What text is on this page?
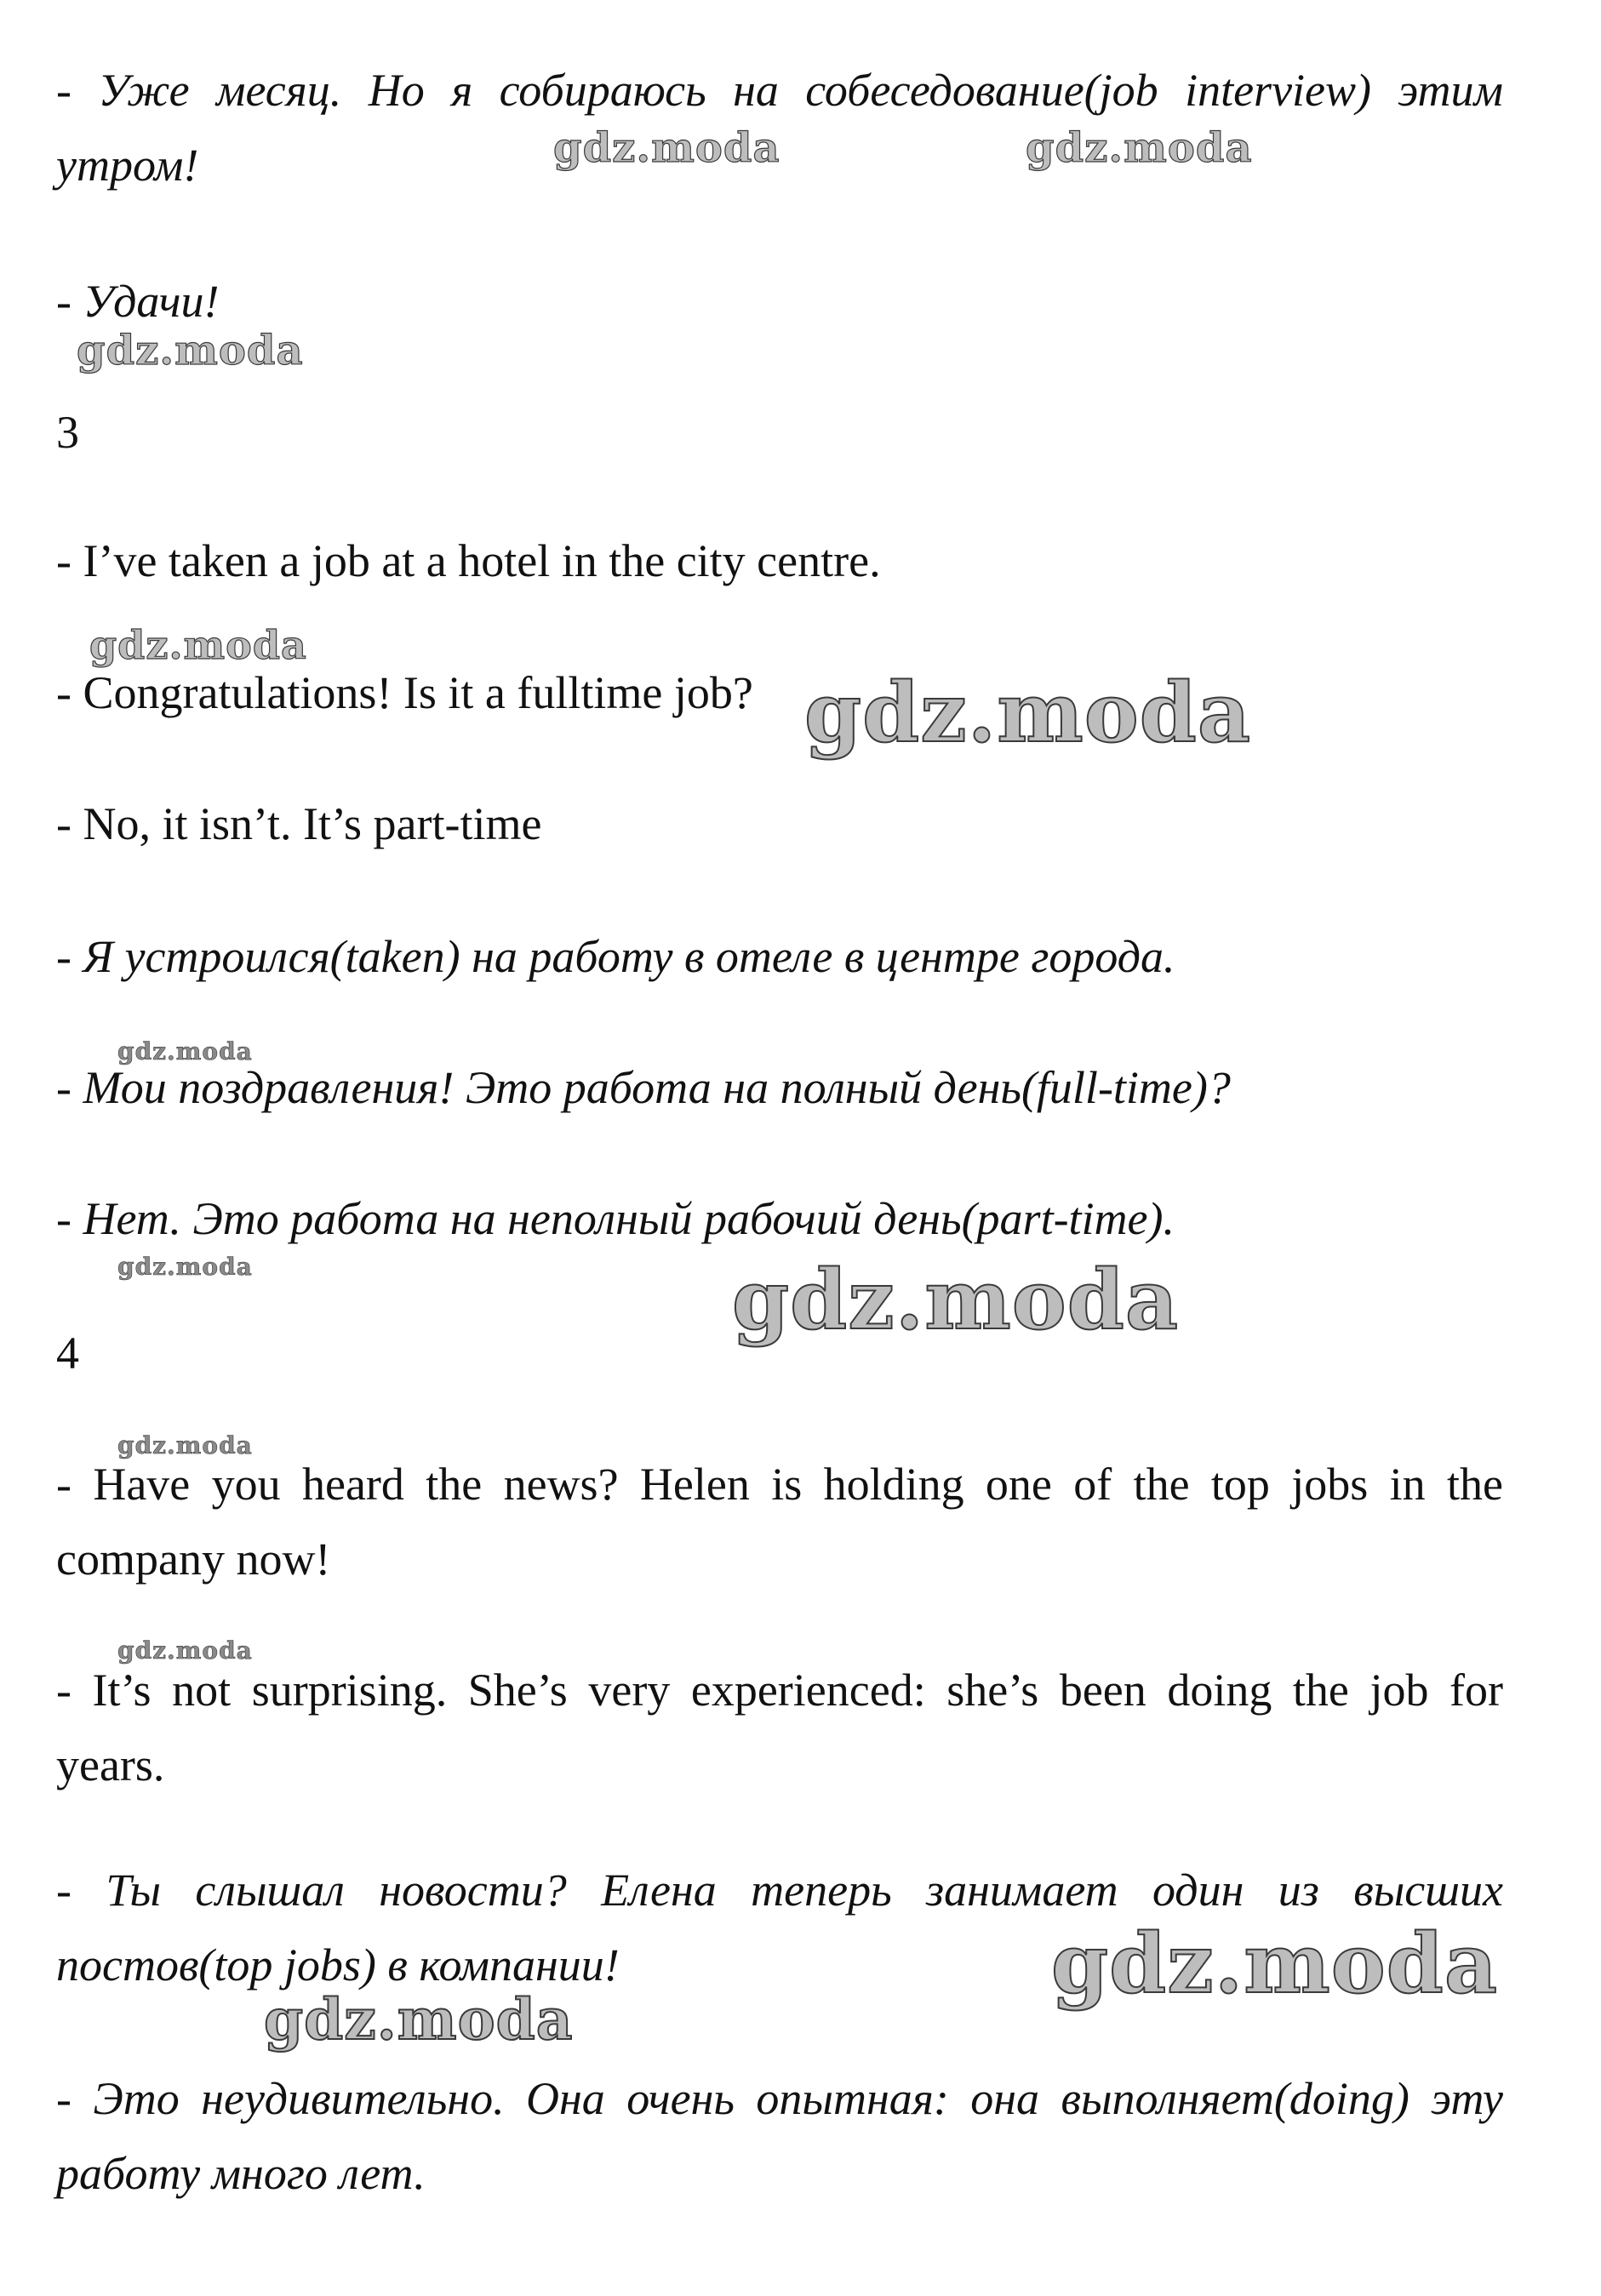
- Уже месяц. Но я собираюсь на собеседование(job interview) этим утром!

- Удачи!

3

- I’ve taken a job at a hotel in the city centre.

- Congratulations! Is it a fulltime job?

- No, it isn’t. It’s part-time

- Я устроился(taken) на работу в отеле в центре города.

- Мои поздравления! Это работа на полный день(full-time)?

- Нет. Это работа на неполный рабочий день(part-time).

4

- Have you heard the news? Helen is holding one of the top jobs in the company now!

- It’s not surprising. She’s very experienced: she’s been doing the job for years.

- Ты слышал новости? Елена теперь занимает один из высших постов(top jobs) в компании!

- Это неудивительно. Она очень опытная: она выполняет(doing) эту работу много лет.

gdz.moda	gdz.moda
gdz.moda
gdz.moda
gdz.moda
gdz.moda
gdz.moda	gdz.moda
gdz.moda
gdz.moda
gdz.moda
gdz.moda
